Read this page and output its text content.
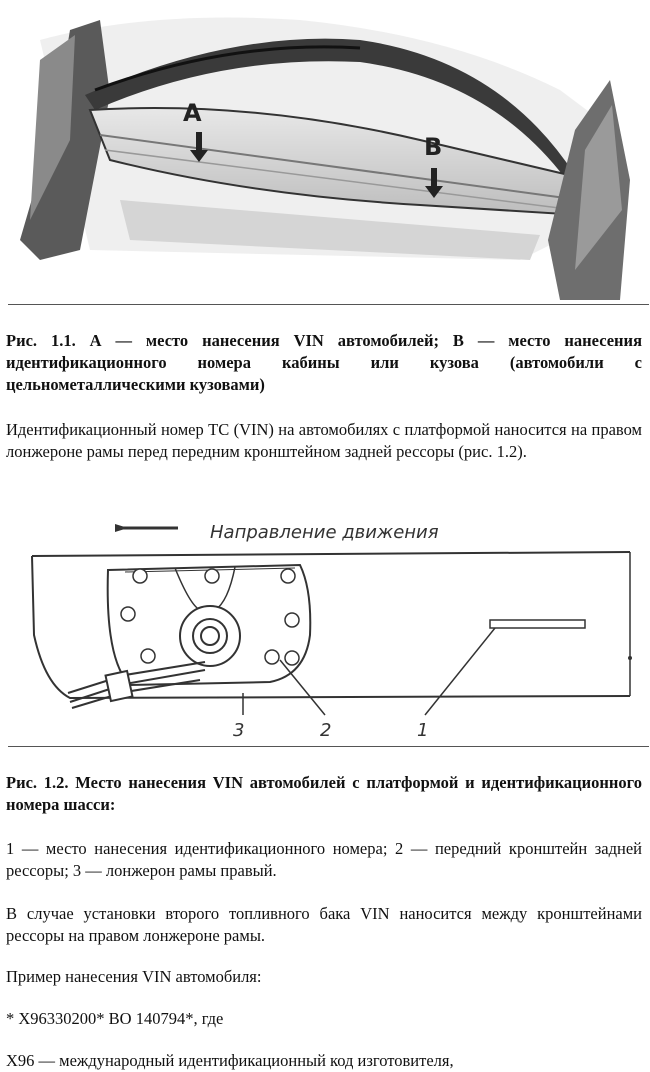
A
B

Рис. 1.1. А — место нанесения VIN автомобилей; В — место нанесения идентификационного номера кабины или кузова (автомобили с цельнометаллическими кузовами)

Идентификационный номер ТС (VIN) на автомобилях с платформой наносится на правом лонжероне рамы перед передним кронштейном задней рессоры (рис. 1.2).

Направление движения
1
2
3

Рис. 1.2. Место нанесения VIN автомобилей с платформой и идентификационного номера шасси:

1 — место нанесения идентификационного номера; 2 — передний кронштейн задней рессоры; 3 — лонжерон рамы правый.

В случае установки второго топливного бака VIN наносится между кронштейнами рессоры на правом лонжероне рамы.

Пример нанесения VIN автомобиля:

* X96330200* ВО 140794*, где

X96 — международный идентификационный код изготовителя,
